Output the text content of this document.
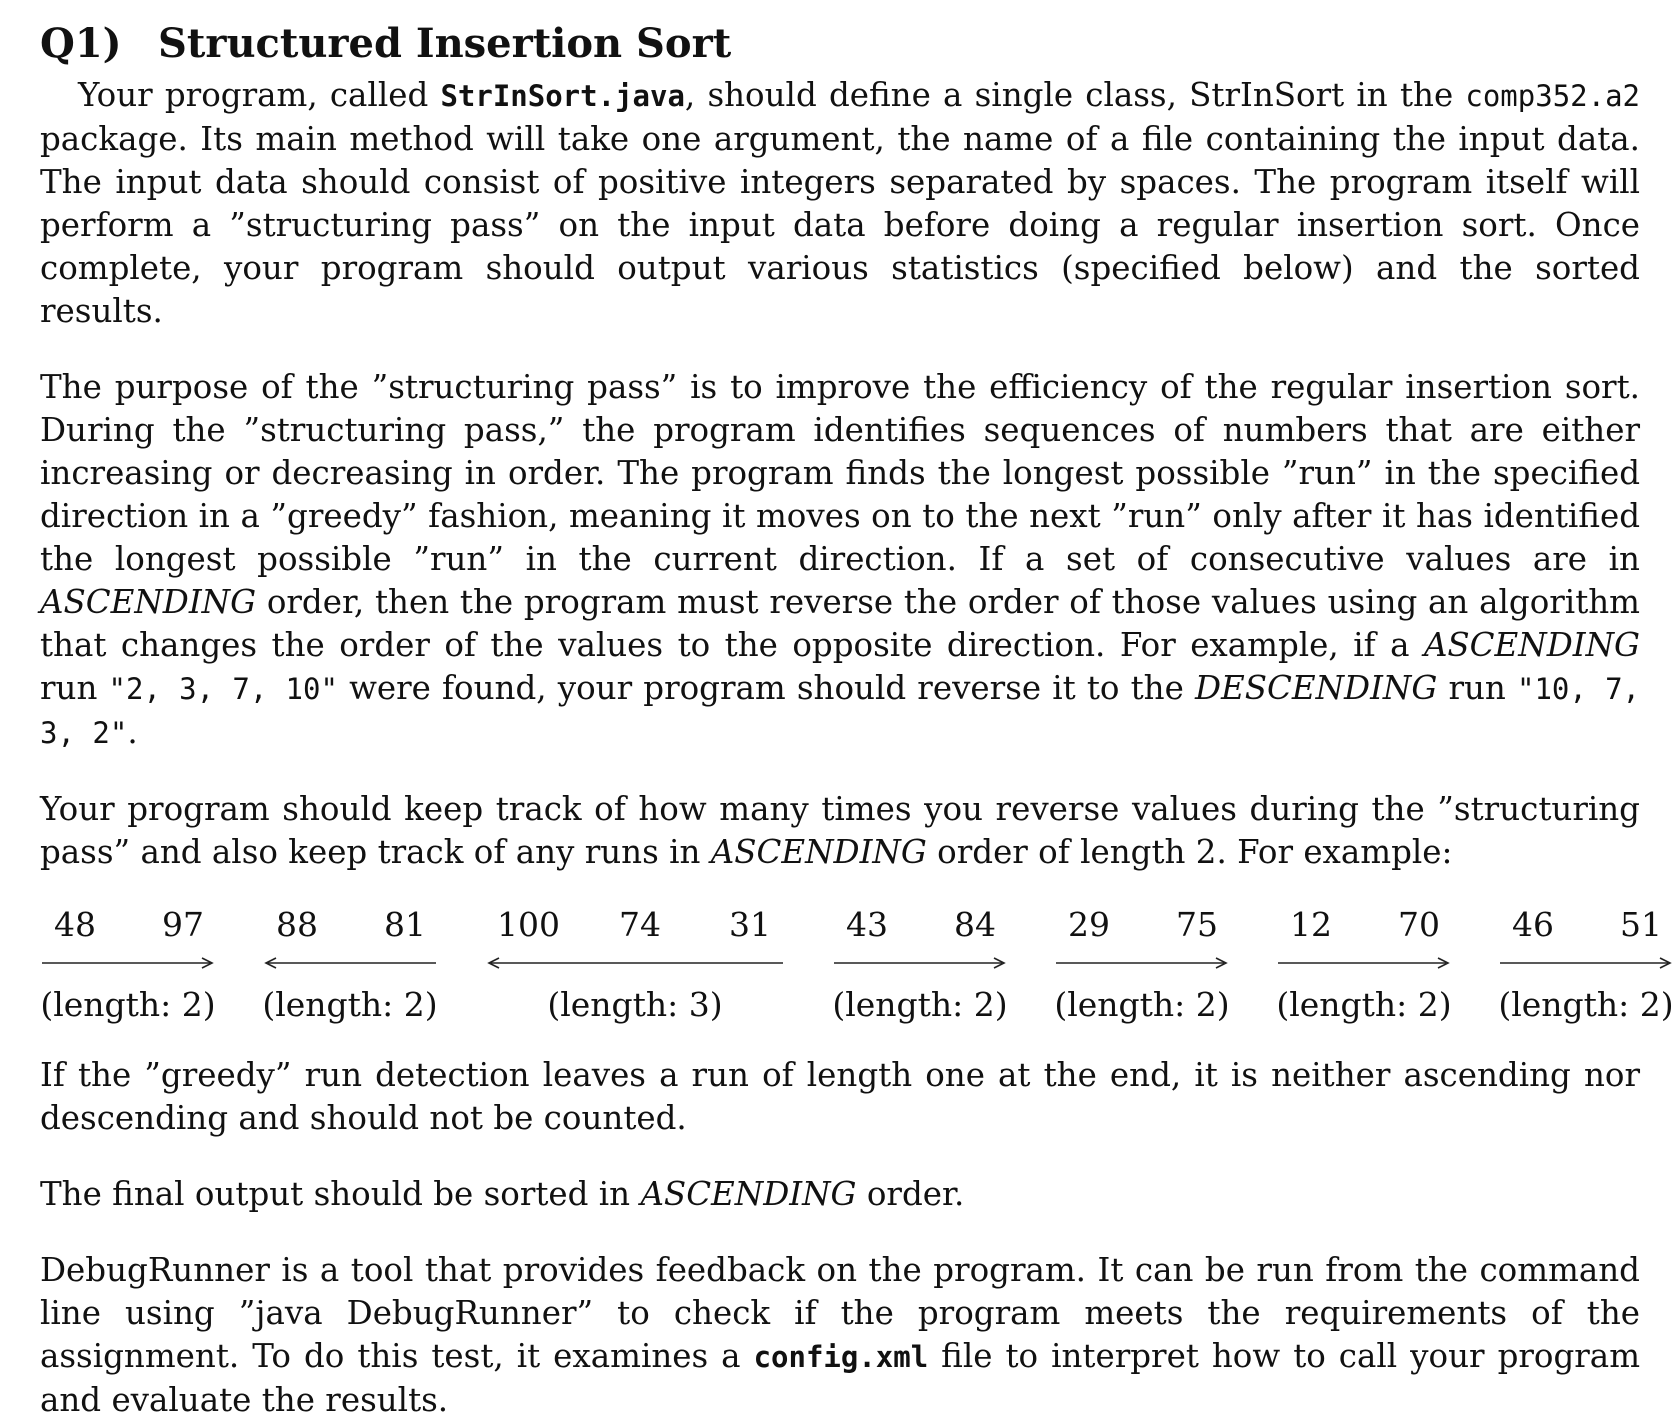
Q1) Structured Insertion Sort

Your program, called StrInSort.java, should define a single class, StrInSort in the comp352.a2 package. Its main method will take one argument, the name of a file containing the input data. The input data should consist of positive integers separated by spaces. The program itself will perform a ”structuring pass” on the input data before doing a regular insertion sort. Once complete, your program should output various statistics (specified below) and the sorted results.

The purpose of the ”structuring pass” is to improve the efficiency of the regular insertion sort. During the ”structuring pass,” the program identifies sequences of numbers that are either increasing or decreasing in order. The program finds the longest possible ”run” in the specified direction in a ”greedy” fashion, meaning it moves on to the next ”run” only after it has identified the longest possible ”run” in the current direction. If a set of consecutive values are in ASCENDING order, then the program must reverse the order of those values using an algorithm that changes the order of the values to the opposite direction. For example, if a ASCENDING run "2, 3, 7, 10" were found, your program should reverse it to the DESCENDING run "10, 7, 3, 2".

Your program should keep track of how many times you reverse values during the ”structuring pass” and also keep track of any runs in ASCENDING order of length 2. For example:

48 97
(length: 2)
88 81
(length: 2)
100 74 31
(length: 3)
43 84
(length: 2)
29 75
(length: 2)
12 70
(length: 2)
46 51
(length: 2)

If the ”greedy” run detection leaves a run of length one at the end, it is neither ascending nor descending and should not be counted.

The final output should be sorted in ASCENDING order.

DebugRunner is a tool that provides feedback on the program. It can be run from the command line using ”java DebugRunner” to check if the program meets the requirements of the assignment. To do this test, it examines a config.xml file to interpret how to call your program and evaluate the results.
